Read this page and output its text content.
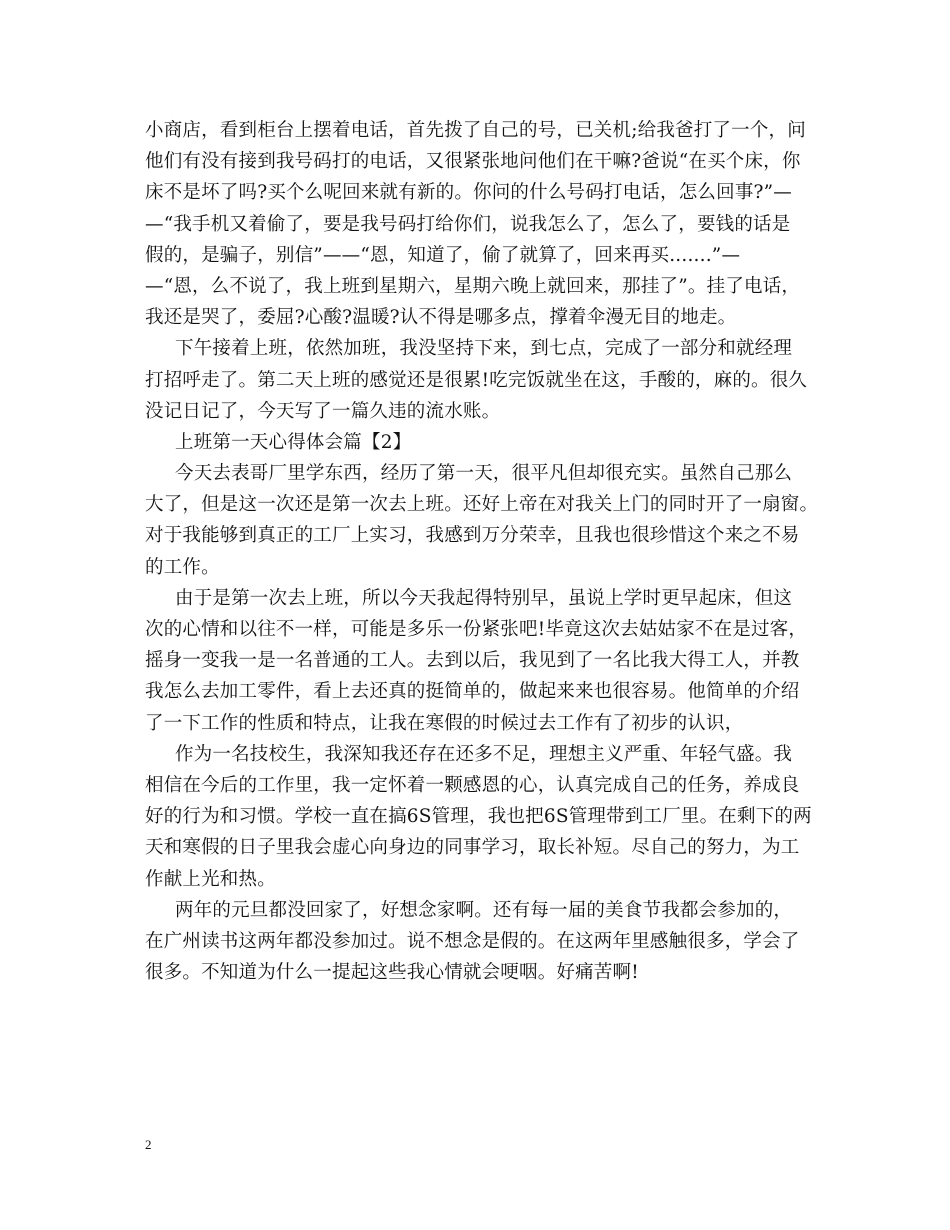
小商店，看到柜台上摆着电话，首先拨了自己的号，已关机;给我爸打了一个，问
他们有没有接到我号码打的电话，又很紧张地问他们在干嘛?爸说“在买个床，你
床不是坏了吗?买个么呢回来就有新的。你问的什么号码打电话，怎么回事?”—
—“我手机又着偷了，要是我号码打给你们，说我怎么了，怎么了，要钱的话是
假的，是骗子，别信”——“恩，知道了，偷了就算了，回来再买.......”—
—“恩，么不说了，我上班到星期六，星期六晚上就回来，那挂了”。挂了电话，
我还是哭了，委屈?心酸?温暖?认不得是哪多点，撑着伞漫无目的地走。
下午接着上班，依然加班，我没坚持下来，到七点，完成了一部分和就经理
打招呼走了。第二天上班的感觉还是很累!吃完饭就坐在这，手酸的，麻的。很久
没记日记了，今天写了一篇久违的流水账。
上班第一天心得体会篇【2】
今天去表哥厂里学东西，经历了第一天，很平凡但却很充实。虽然自己那么
大了，但是这一次还是第一次去上班。还好上帝在对我关上门的同时开了一扇窗。
对于我能够到真正的工厂上实习，我感到万分荣幸，且我也很珍惜这个来之不易
的工作。
由于是第一次去上班，所以今天我起得特别早，虽说上学时更早起床，但这
次的心情和以往不一样，可能是多乐一份紧张吧!毕竟这次去姑姑家不在是过客，
摇身一变我一是一名普通的工人。去到以后，我见到了一名比我大得工人，并教
我怎么去加工零件，看上去还真的挺简单的，做起来来也很容易。他简单的介绍
了一下工作的性质和特点，让我在寒假的时候过去工作有了初步的认识，
作为一名技校生，我深知我还存在还多不足，理想主义严重、年轻气盛。我
相信在今后的工作里，我一定怀着一颗感恩的心，认真完成自己的任务，养成良
好的行为和习惯。学校一直在搞6S管理，我也把6S管理带到工厂里。在剩下的两
天和寒假的日子里我会虚心向身边的同事学习，取长补短。尽自己的努力，为工
作献上光和热。
两年的元旦都没回家了，好想念家啊。还有每一届的美食节我都会参加的，
在广州读书这两年都没参加过。说不想念是假的。在这两年里感触很多，学会了
很多。不知道为什么一提起这些我心情就会哽咽。好痛苦啊!
2
